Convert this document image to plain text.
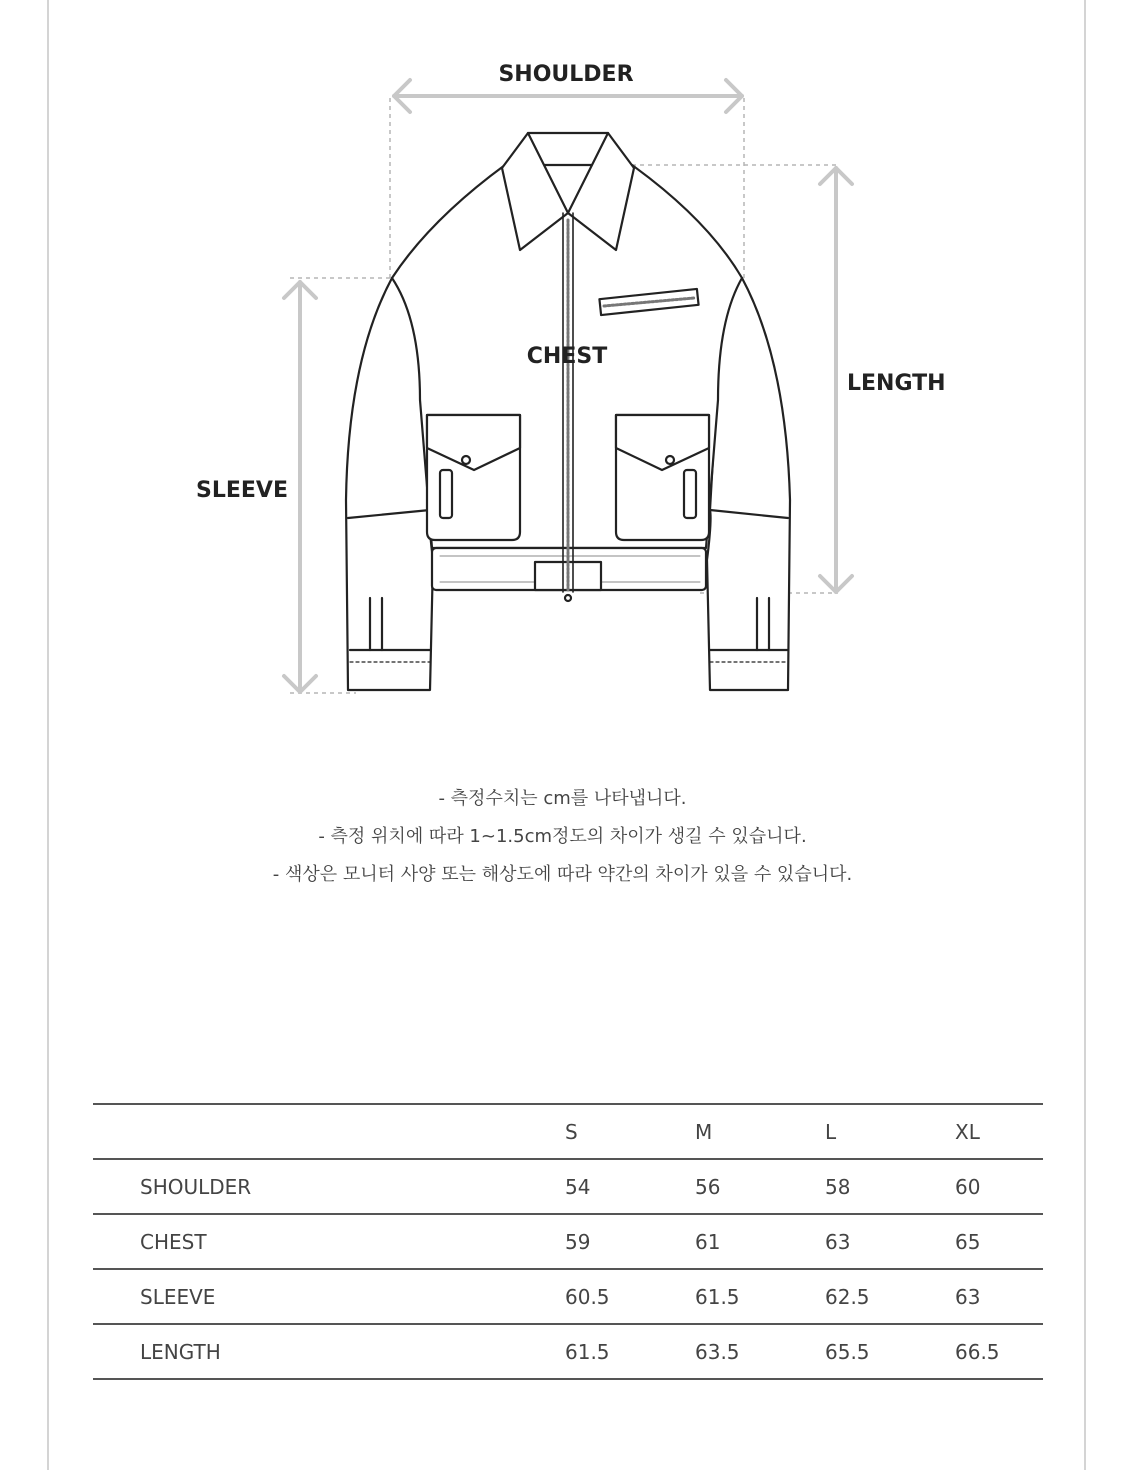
SHOULDER
CHEST
LENGTH
SLEEVE

- 측정수치는 cm를 나타냅니다.

- 측정 위치에 따라 1~1.5cm정도의 차이가 생길 수 있습니다.

- 색상은 모니터 사양 또는 해상도에 따라 약간의 차이가 있을 수 있습니다.

	S	M	L	XL
SHOULDER	54	56	58	60
CHEST	59	61	63	65
SLEEVE	60.5	61.5	62.5	63
LENGTH	61.5	63.5	65.5	66.5
